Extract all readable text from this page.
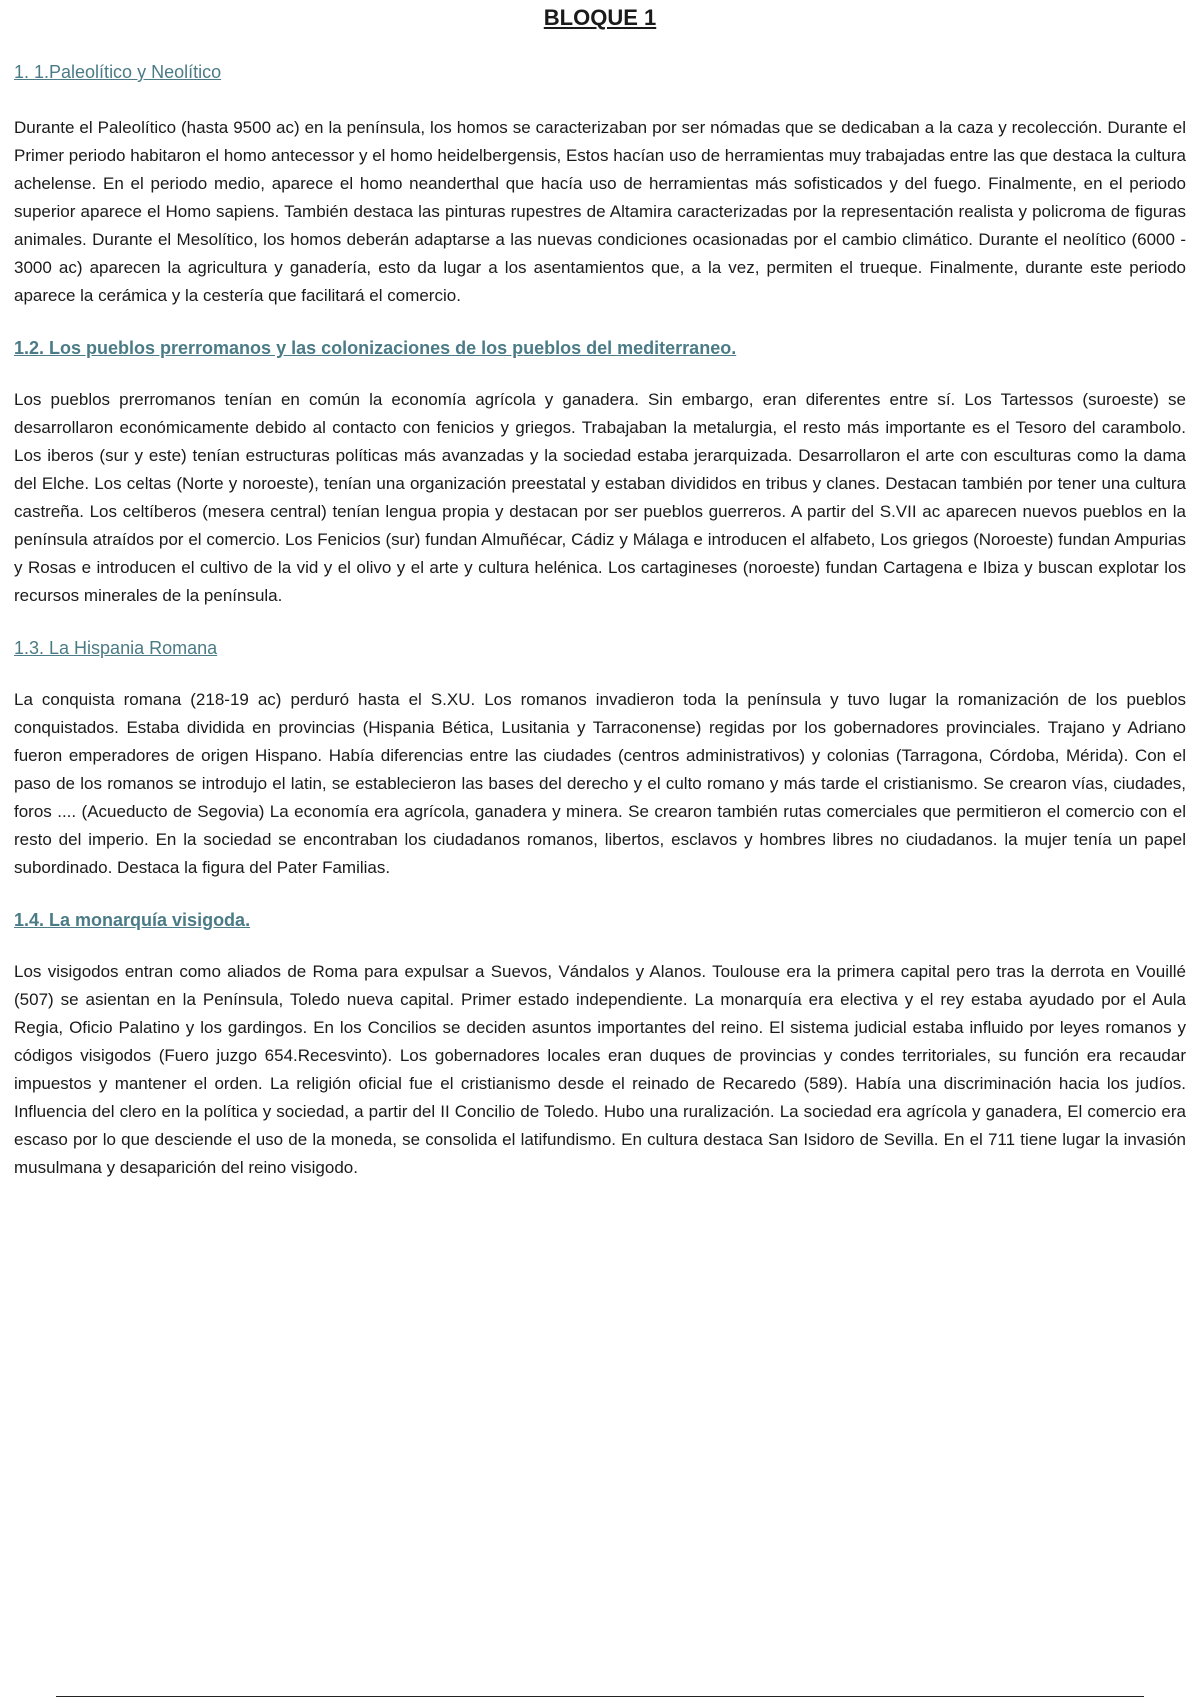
BLOQUE 1
1. 1.Paleolítico y Neolítico

Durante el Paleolítico (hasta 9500 ac) en la península, los homos se caracterizaban por ser nómadas que se dedicaban a la caza y recolección. Durante el Primer periodo habitaron el homo antecessor y el homo heidelbergensis, Estos hacían uso de herramientas muy trabajadas entre las que destaca la cultura achelense. En el periodo medio, aparece el homo neanderthal que hacía uso de herramientas más sofisticados y del fuego. Finalmente, en el periodo superior aparece el Homo sapiens. También destaca las pinturas rupestres de Altamira caracterizadas por la representación realista y policroma de figuras animales. Durante el Mesolítico, los homos deberán adaptarse a las nuevas condiciones ocasionadas por el cambio climático. Durante el neolítico (6000 - 3000 ac) aparecen la agricultura y ganadería, esto da lugar a los asentamientos que, a la vez, permiten el trueque. Finalmente, durante este periodo aparece la cerámica y la cestería que facilitará el comercio.

1.2. Los pueblos prerromanos y las colonizaciones de los pueblos del mediterraneo.

Los pueblos prerromanos tenían en común la economía agrícola y ganadera. Sin embargo, eran diferentes entre sí. Los Tartessos (suroeste) se desarrollaron económicamente debido al contacto con fenicios y griegos. Trabajaban la metalurgia, el resto más importante es el Tesoro del carambolo. Los iberos (sur y este) tenían estructuras políticas más avanzadas y la sociedad estaba jerarquizada. Desarrollaron el arte con esculturas como la dama del Elche. Los celtas (Norte y noroeste), tenían una organización preestatal y estaban divididos en tribus y clanes. Destacan también por tener una cultura castreña. Los celtíberos (mesera central) tenían lengua propia y destacan por ser pueblos guerreros. A partir del S.VII ac aparecen nuevos pueblos en la península atraídos por el comercio. Los Fenicios (sur) fundan Almuñécar, Cádiz y Málaga e introducen el alfabeto, Los griegos (Noroeste) fundan Ampurias y Rosas e introducen el cultivo de la vid y el olivo y el arte y cultura helénica. Los cartagineses (noroeste) fundan Cartagena e Ibiza y buscan explotar los recursos minerales de la península.

1.3. La Hispania Romana

La conquista romana (218-19 ac) perduró hasta el S.XU. Los romanos invadieron toda la península y tuvo lugar la romanización de los pueblos conquistados. Estaba dividida en provincias (Hispania Bética, Lusitania y Tarraconense) regidas por los gobernadores provinciales. Trajano y Adriano fueron emperadores de origen Hispano. Había diferencias entre las ciudades (centros administrativos) y colonias (Tarragona, Córdoba, Mérida). Con el paso de los romanos se introdujo el latin, se establecieron las bases del derecho y el culto romano y más tarde el cristianismo. Se crearon vías, ciudades, foros .... (Acueducto de Segovia) La economía era agrícola, ganadera y minera. Se crearon también rutas comerciales que permitieron el comercio con el resto del imperio. En la sociedad se encontraban los ciudadanos romanos, libertos, esclavos y hombres libres no ciudadanos. la mujer tenía un papel subordinado. Destaca la figura del Pater Familias.

1.4. La monarquía visigoda.

Los visigodos entran como aliados de Roma para expulsar a Suevos, Vándalos y Alanos. Toulouse era la primera capital pero tras la derrota en Vouillé (507) se asientan en la Península, Toledo nueva capital. Primer estado independiente. La monarquía era electiva y el rey estaba ayudado por el Aula Regia, Oficio Palatino y los gardingos. En los Concilios se deciden asuntos importantes del reino. El sistema judicial estaba influido por leyes romanos y códigos visigodos (Fuero juzgo 654.Recesvinto). Los gobernadores locales eran duques de provincias y condes territoriales, su función era recaudar impuestos y mantener el orden. La religión oficial fue el cristianismo desde el reinado de Recaredo (589). Había una discriminación hacia los judíos. Influencia del clero en la política y sociedad, a partir del II Concilio de Toledo. Hubo una ruralización. La sociedad era agrícola y ganadera, El comercio era escaso por lo que desciende el uso de la moneda, se consolida el latifundismo. En cultura destaca San Isidoro de Sevilla. En el 711 tiene lugar la invasión musulmana y desaparición del reino visigodo.
